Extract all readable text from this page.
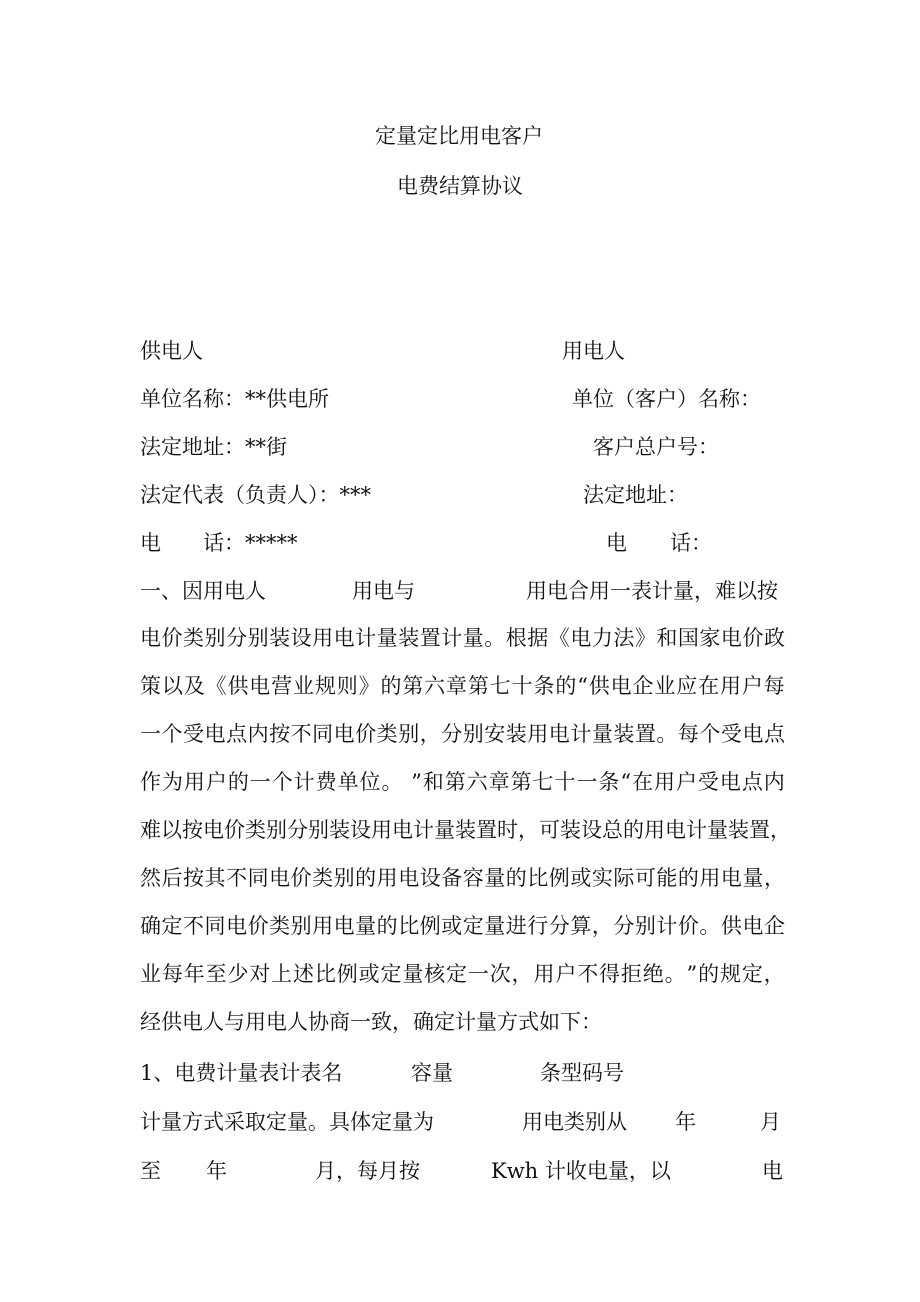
定量定比用电客户
电费结算协议
供电人	用电人
单位名称：**供电所	单位（客户）名称：
法定地址：**街	客户总户号：
法定代表（负责人）：***	法定地址：
电 话：*****	电 话：
一、因用电人	用电与	用电合用一表计量，难以按
电 价 类 别 分 别 装 设 用 电 计 量 装 置 计 量 。 根 据 《 电 力 法 》 和 国 家 电 价 政
策 以 及 《 供 电 营 业 规 则 》 的 第 六 章 第 七 十 条 的 “ 供 电 企 业 应 在 用 户 每
一 个 受 电 点 内 按 不 同 电 价 类 别 ， 分 别 安 装 用 电 计 量 装 置 。 每 个 受 电 点
作 为 用 户 的 一 个 计 费 单 位 。
” 和 第 六 章 第 七 十 一 条 “ 在 用 户 受 电 点 内
难 以 按 电 价 类 别 分 别 装 设 用 电 计 量 装 置 时 ， 可 装 设 总 的 用 电 计 量 装 置 ，
然 后 按 其 不 同 电 价 类 别 的 用 电 设 备 容 量 的 比 例 或 实 际 可 能 的 用 电 量 ，
确 定 不 同 电 价 类 别 用 电 量 的 比 例 或 定 量 进 行 分 算 ， 分 别 计 价 。 供 电 企
业 每 年 至 少 对 上 述 比 例 或 定 量 核 定 一 次 ， 用 户 不 得 拒 绝 。 ” 的 规 定 ，
经供电人与用电人协商一致，确定计量方式如下：
1、电费计量表计表名	容量	条型码号
计量方式采取定量。具体定量为	用电类别从 年	月
至 年	月，每月按	Kwh 计收电量，以	电
